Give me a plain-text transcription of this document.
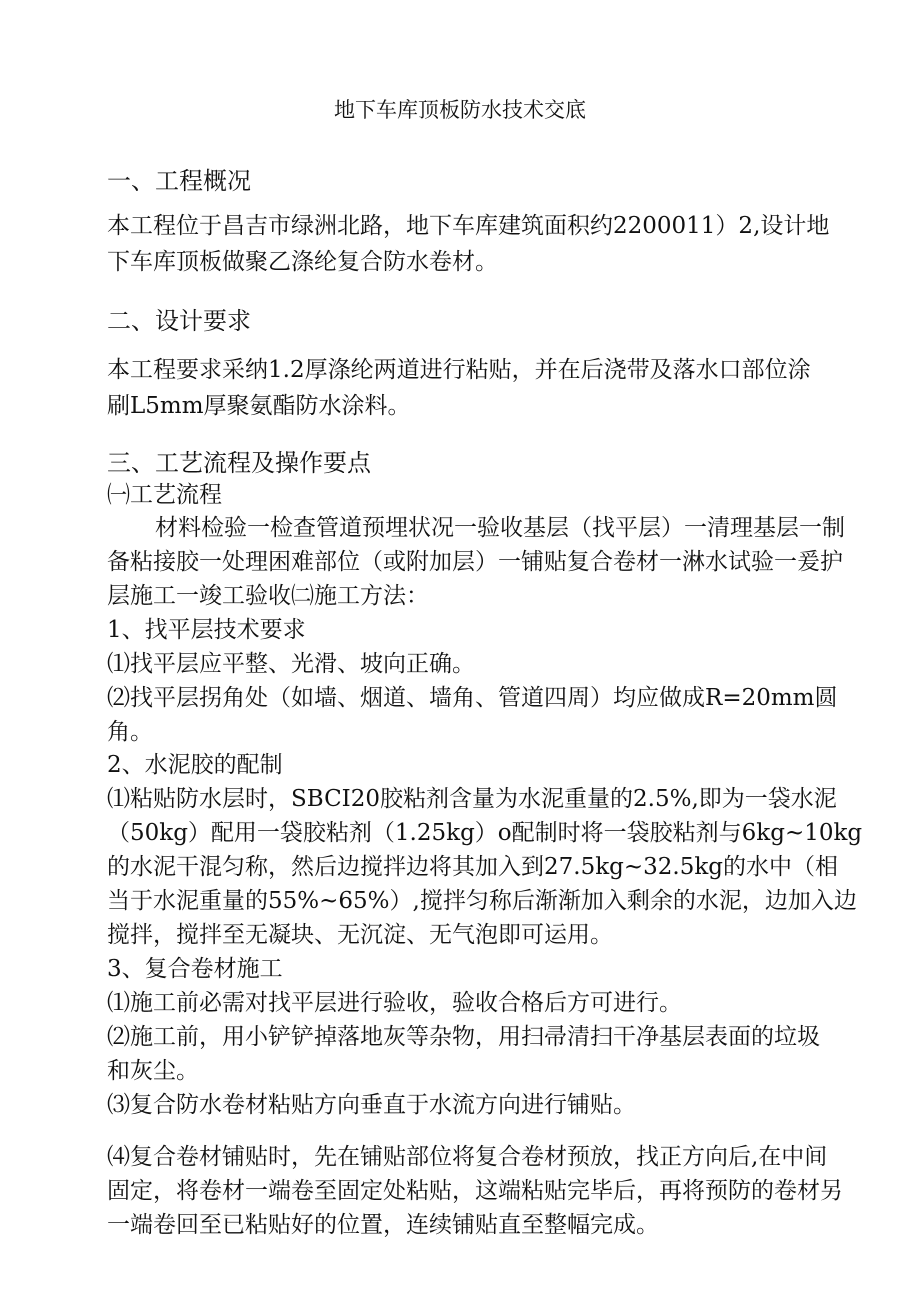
地下车库顶板防水技术交底
一、工程概况
本工程位于昌吉市绿洲北路，地下车库建筑面积约2200011）2,设计地
下车库顶板做聚乙涤纶复合防水卷材。
二、设计要求
本工程要求采纳1.2厚涤纶两道进行粘贴，并在后浇带及落水口部位涂
刷L5mm厚聚氨酯防水涂料。
三、工艺流程及操作要点
㈠工艺流程
材料检验一检查管道预埋状况一验收基层（找平层）一清理基层一制
备粘接胶一处理困难部位（或附加层）一铺贴复合卷材一淋水试验一爰护
层施工一竣工验收㈡施工方法：
1、找平层技术要求
⑴找平层应平整、光滑、坡向正确。
⑵找平层拐角处（如墙、烟道、墙角、管道四周）均应做成R=20mm圆
角。
2、水泥胶的配制
⑴粘贴防水层时，SBCI20胶粘剂含量为水泥重量的2.5%,即为一袋水泥
（50kg）配用一袋胶粘剂（1.25kg）o配制时将一袋胶粘剂与6kg~10kg
的水泥干混匀称，然后边搅拌边将其加入到27.5kg~32.5kg的水中（相
当于水泥重量的55%~65%）,搅拌匀称后渐渐加入剩余的水泥，边加入边
搅拌，搅拌至无凝块、无沉淀、无气泡即可运用。
3、复合卷材施工
⑴施工前必需对找平层进行验收，验收合格后方可进行。
⑵施工前，用小铲铲掉落地灰等杂物，用扫帚清扫干净基层表面的垃圾
和灰尘。
⑶复合防水卷材粘贴方向垂直于水流方向进行铺贴。
⑷复合卷材铺贴时，先在铺贴部位将复合卷材预放，找正方向后,在中间
固定，将卷材一端卷至固定处粘贴，这端粘贴完毕后，再将预防的卷材另
一端卷回至已粘贴好的位置，连续铺贴直至整幅完成。
